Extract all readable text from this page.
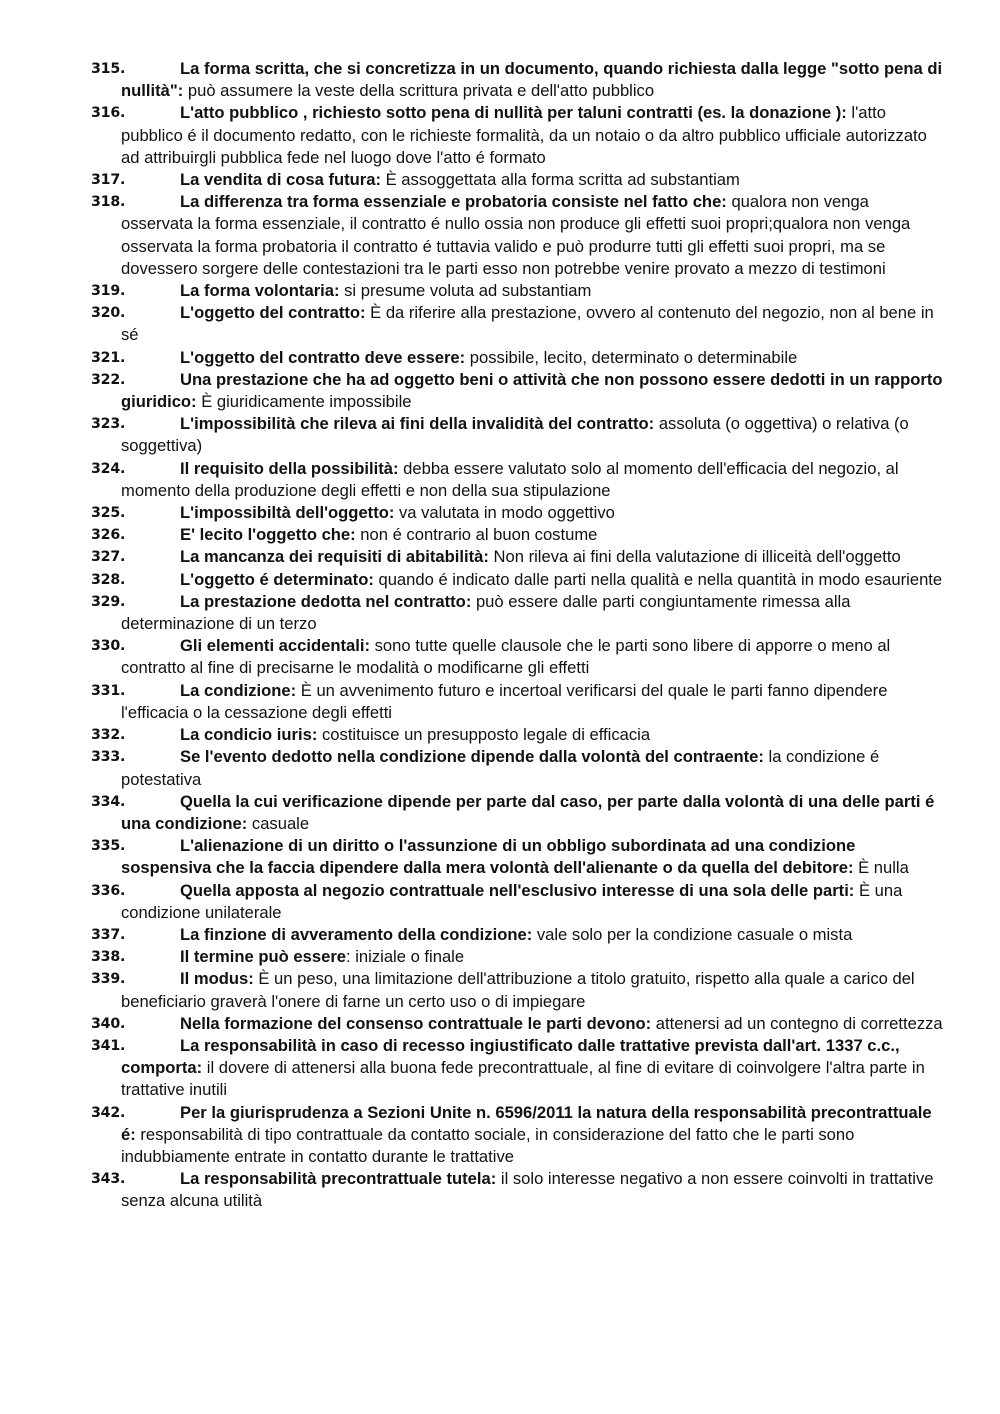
315.	La forma scritta, che si concretizza in un documento, quando richiesta dalla legge "sotto pena di nullità": può assumere la veste della scrittura privata e dell'atto pubblico
316.	L'atto pubblico , richiesto sotto pena di nullità per taluni contratti (es. la donazione ): l'atto pubblico é il documento redatto, con le richieste formalità, da un notaio o da altro pubblico ufficiale autorizzato ad attribuirgli pubblica fede nel luogo dove l'atto é formato
317.	La vendita di cosa futura: È assoggettata alla forma scritta ad substantiam
318.	La differenza tra forma essenziale e probatoria consiste nel fatto che: qualora non venga osservata la forma essenziale, il contratto é nullo ossia non produce gli effetti suoi propri;qualora non venga osservata la forma probatoria il contratto é tuttavia valido e può produrre tutti gli effetti suoi propri, ma se dovessero sorgere delle contestazioni tra le parti esso non potrebbe venire provato a mezzo di testimoni
319.	La forma volontaria: si presume voluta ad substantiam
320.	L'oggetto del contratto: È da riferire alla prestazione, ovvero al contenuto del negozio, non al bene in sé
321.	L'oggetto del contratto deve essere: possibile, lecito, determinato o determinabile
322.	Una prestazione che ha ad oggetto beni o attività che non possono essere dedotti in un rapporto giuridico: È giuridicamente impossibile
323.	L'impossibilità che rileva ai fini della invalidità del contratto: assoluta (o oggettiva) o relativa (o soggettiva)
324.	Il requisito della possibilità: debba essere valutato solo al momento dell'efficacia del negozio, al momento della produzione degli effetti e non della sua stipulazione
325.	L'impossibiltà dell'oggetto: va valutata in modo oggettivo
326.	E' lecito l'oggetto che: non é contrario al buon costume
327.	La mancanza dei requisiti di abitabilità: Non rileva ai fini della valutazione di illiceità dell'oggetto
328.	L'oggetto é determinato: quando é indicato dalle parti nella qualità e nella quantità in modo esauriente
329.	La prestazione dedotta nel contratto: può essere dalle parti congiuntamente rimessa alla determinazione di un terzo
330.	Gli elementi accidentali: sono tutte quelle clausole che le parti sono libere di apporre o meno al contratto al fine di precisarne le modalità o modificarne gli effetti
331.	La condizione: È un avvenimento futuro e incertoal verificarsi del quale le parti fanno dipendere l'efficacia o la cessazione degli effetti
332.	La condicio iuris: costituisce un presupposto legale di efficacia
333.	Se l'evento dedotto nella condizione dipende dalla volontà del contraente: la condizione é potestativa
334.	Quella la cui verificazione dipende per parte dal caso, per parte dalla volontà di una delle parti é una condizione: casuale
335.	L'alienazione di un diritto o l'assunzione di un obbligo subordinata ad una condizione sospensiva che la faccia dipendere dalla mera volontà dell'alienante o da quella del debitore: È nulla
336.	Quella apposta al negozio contrattuale nell'esclusivo interesse di una sola delle parti: È una condizione unilaterale
337.	La finzione di avveramento della condizione: vale solo per la condizione casuale o mista
338.	Il termine può essere: iniziale o finale
339.	Il modus: È un peso, una limitazione dell'attribuzione a titolo gratuito, rispetto alla quale a carico del beneficiario graverà l'onere di farne un certo uso o di impiegare
340.	Nella formazione del consenso contrattuale le parti devono: attenersi ad un contegno di correttezza
341.	La responsabilità in caso di recesso ingiustificato dalle trattative prevista dall'art. 1337 c.c., comporta: il dovere di attenersi alla buona fede precontrattuale, al fine di evitare di coinvolgere l'altra parte in trattative inutili
342.	Per la giurisprudenza a Sezioni Unite n. 6596/2011 la natura della responsabilità precontrattuale é: responsabilità di tipo contrattuale da contatto sociale, in considerazione del fatto che le parti sono indubbiamente entrate in contatto durante le trattative
343.	La responsabilità precontrattuale tutela: il solo interesse negativo a non essere coinvolti in trattative senza alcuna utilità
